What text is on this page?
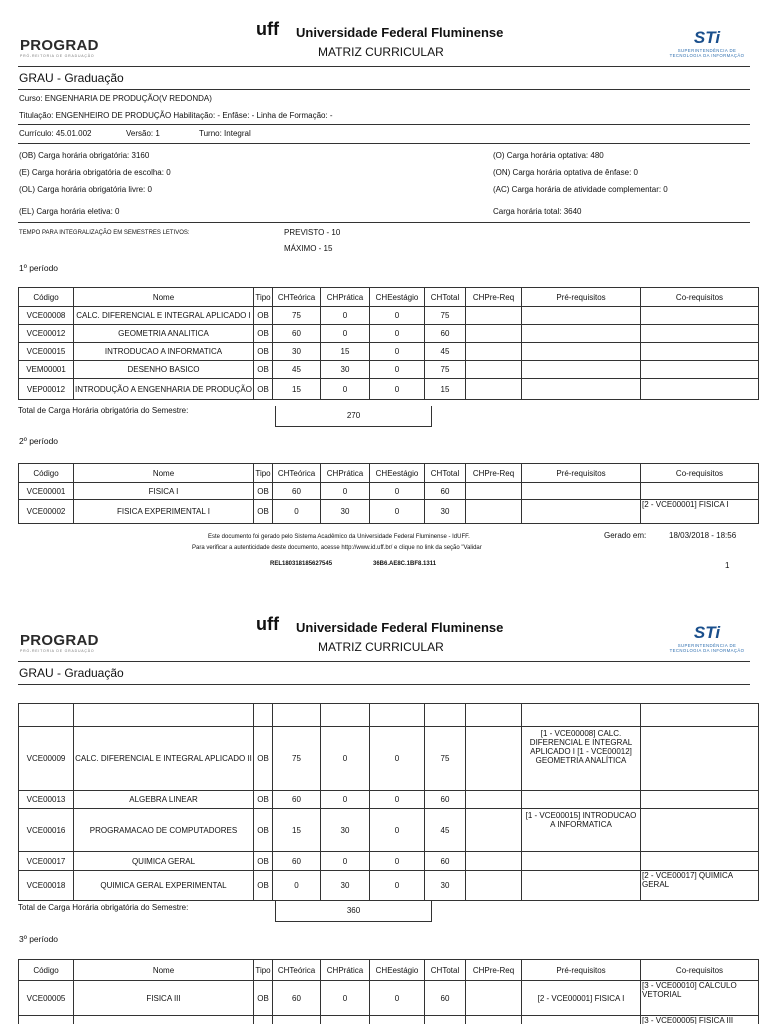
PROGRAD
PRÓ-REITORIA DE GRADUAÇÃO
uff Universidade Federal Fluminense
MATRIZ CURRICULAR
STi
SUPERINTENDÊNCIA DE TECNOLOGIA DA INFORMAÇÃO
GRAU - Graduação
Curso: ENGENHARIA DE PRODUÇÃO(V REDONDA)
Titulação: ENGENHEIRO DE PRODUÇÃO Habilitação: - Enfâse: - Linha de Formação: -
Currículo: 45.01.002	Versão: 1	Turno: Integral
(OB) Carga horária obrigatória: 3160
(E) Carga horária obrigatória de escolha: 0
(OL) Carga horária obrigatória livre: 0
(EL) Carga horária eletiva: 0
(O) Carga horária optativa: 480
(ON) Carga horária optativa de ênfase: 0
(AC) Carga horária de atividade complementar: 0
Carga horária total: 3640
TEMPO PARA INTEGRALIZAÇÃO EM SEMESTRES LETIVOS:	PREVISTO - 10
MÁXIMO - 15
1º período
Código	Nome	Tipo	CHTeórica	CHPrática	CHEestágio	CHTotal	CHPre-Req	Pré-requisitos	Co-requisitos
VCE00008	CALC. DIFERENCIAL E INTEGRAL APLICADO I	OB	75	0	0	75			
VCE00012	GEOMETRIA ANALITICA	OB	60	0	0	60			
VCE00015	INTRODUCAO A INFORMATICA	OB	30	15	0	45			
VEM00001	DESENHO BASICO	OB	45	30	0	75			
VEP00012	INTRODUÇÃO A ENGENHARIA DE PRODUÇÃO	OB	15	0	0	15			
Total de Carga Horária obrigatória do Semestre:
270
2º período
Código	Nome	Tipo	CHTeórica	CHPrática	CHEestágio	CHTotal	CHPre-Req	Pré-requisitos	Co-requisitos
VCE00001	FISICA I	OB	60	0	0	60			
VCE00002	FISICA EXPERIMENTAL I	OB	0	30	0	30			[2 - VCE00001] FISICA I
Este documento foi gerado pelo Sistema Acadêmico da Universidade Federal Fluminense - IdUFF.
Para verificar a autenticidade deste documento, acesse http://www.id.uff.br/ e clique no link da seção "Validar
Gerado em:	18/03/2018 - 18:56
REL180318185627545	36B6.AE8C.1BF8.1311	1
PROGRAD
PRÓ-REITORIA DE GRADUAÇÃO
uff Universidade Federal Fluminense
MATRIZ CURRICULAR
STi
SUPERINTENDÊNCIA DE TECNOLOGIA DA INFORMAÇÃO
GRAU - Graduação

VCE00009	CALC. DIFERENCIAL E INTEGRAL APLICADO II	OB	75	0	0	75		[1 - VCE00008] CALC. DIFERENCIAL E INTEGRAL APLICADO I [1 - VCE00012] GEOMETRIA ANALÍTICA	
VCE00013	ALGEBRA LINEAR	OB	60	0	0	60			
VCE00016	PROGRAMACAO DE COMPUTADORES	OB	15	30	0	45		[1 - VCE00015] INTRODUCAO A INFORMATICA	
VCE00017	QUIMICA GERAL	OB	60	0	0	60			
VCE00018	QUIMICA GERAL EXPERIMENTAL	OB	0	30	0	30			[2 - VCE00017] QUIMICA GERAL
Total de Carga Horária obrigatória do Semestre:	360
3º período
Código	Nome	Tipo	CHTeórica	CHPrática	CHEestágio	CHTotal	CHPre-Req	Pré-requisitos	Co-requisitos
VCE00005	FISICA III	OB	60	0	0	60		[2 - VCE00001] FISICA I	[3 - VCE00010] CALCULO VETORIAL
									[3 - VCE00005] FISICA III
